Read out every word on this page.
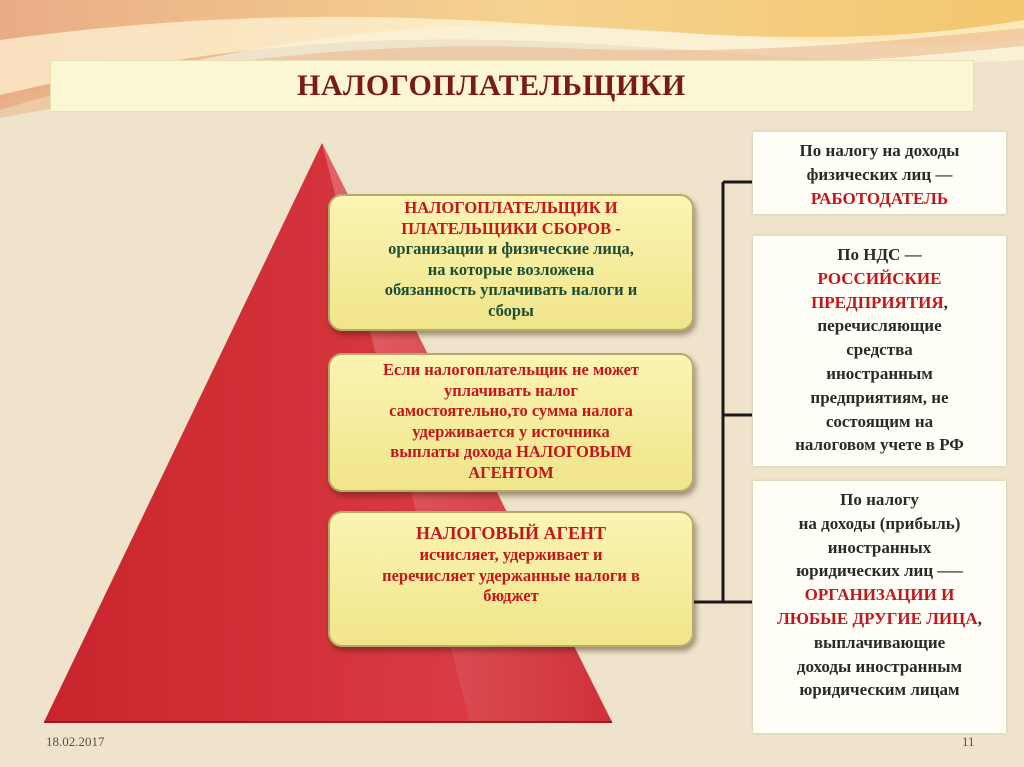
НАЛОГОПЛАТЕЛЬЩИКИ
НАЛОГОПЛАТЕЛЬЩИК И
ПЛАТЕЛЬЩИКИ СБОРОВ -
организации и физические лица,
на которые возложена
обязанность уплачивать налоги и
сборы
Если налогоплательщик не может
уплачивать налог
самостоятельно,то сумма налога
удерживается у источника
выплаты дохода НАЛОГОВЫМ
АГЕНТОМ
НАЛОГОВЫЙ АГЕНТ
исчисляет, удерживает и
перечисляет удержанные налоги в
бюджет
По налогу на доходы
физических лиц —
РАБОТОДАТЕЛЬ
По НДС —
РОССИЙСКИЕ
ПРЕДПРИЯТИЯ,
перечисляющие
средства
иностранным
предприятиям, не
состоящим на
налоговом учете в РФ
По налогу
на доходы (прибыль)
иностранных
юридических лиц –—
ОРГАНИЗАЦИИ И
ЛЮБЫЕ ДРУГИЕ ЛИЦА,
выплачивающие
доходы иностранным
юридическим лицам
18.02.2017	11
